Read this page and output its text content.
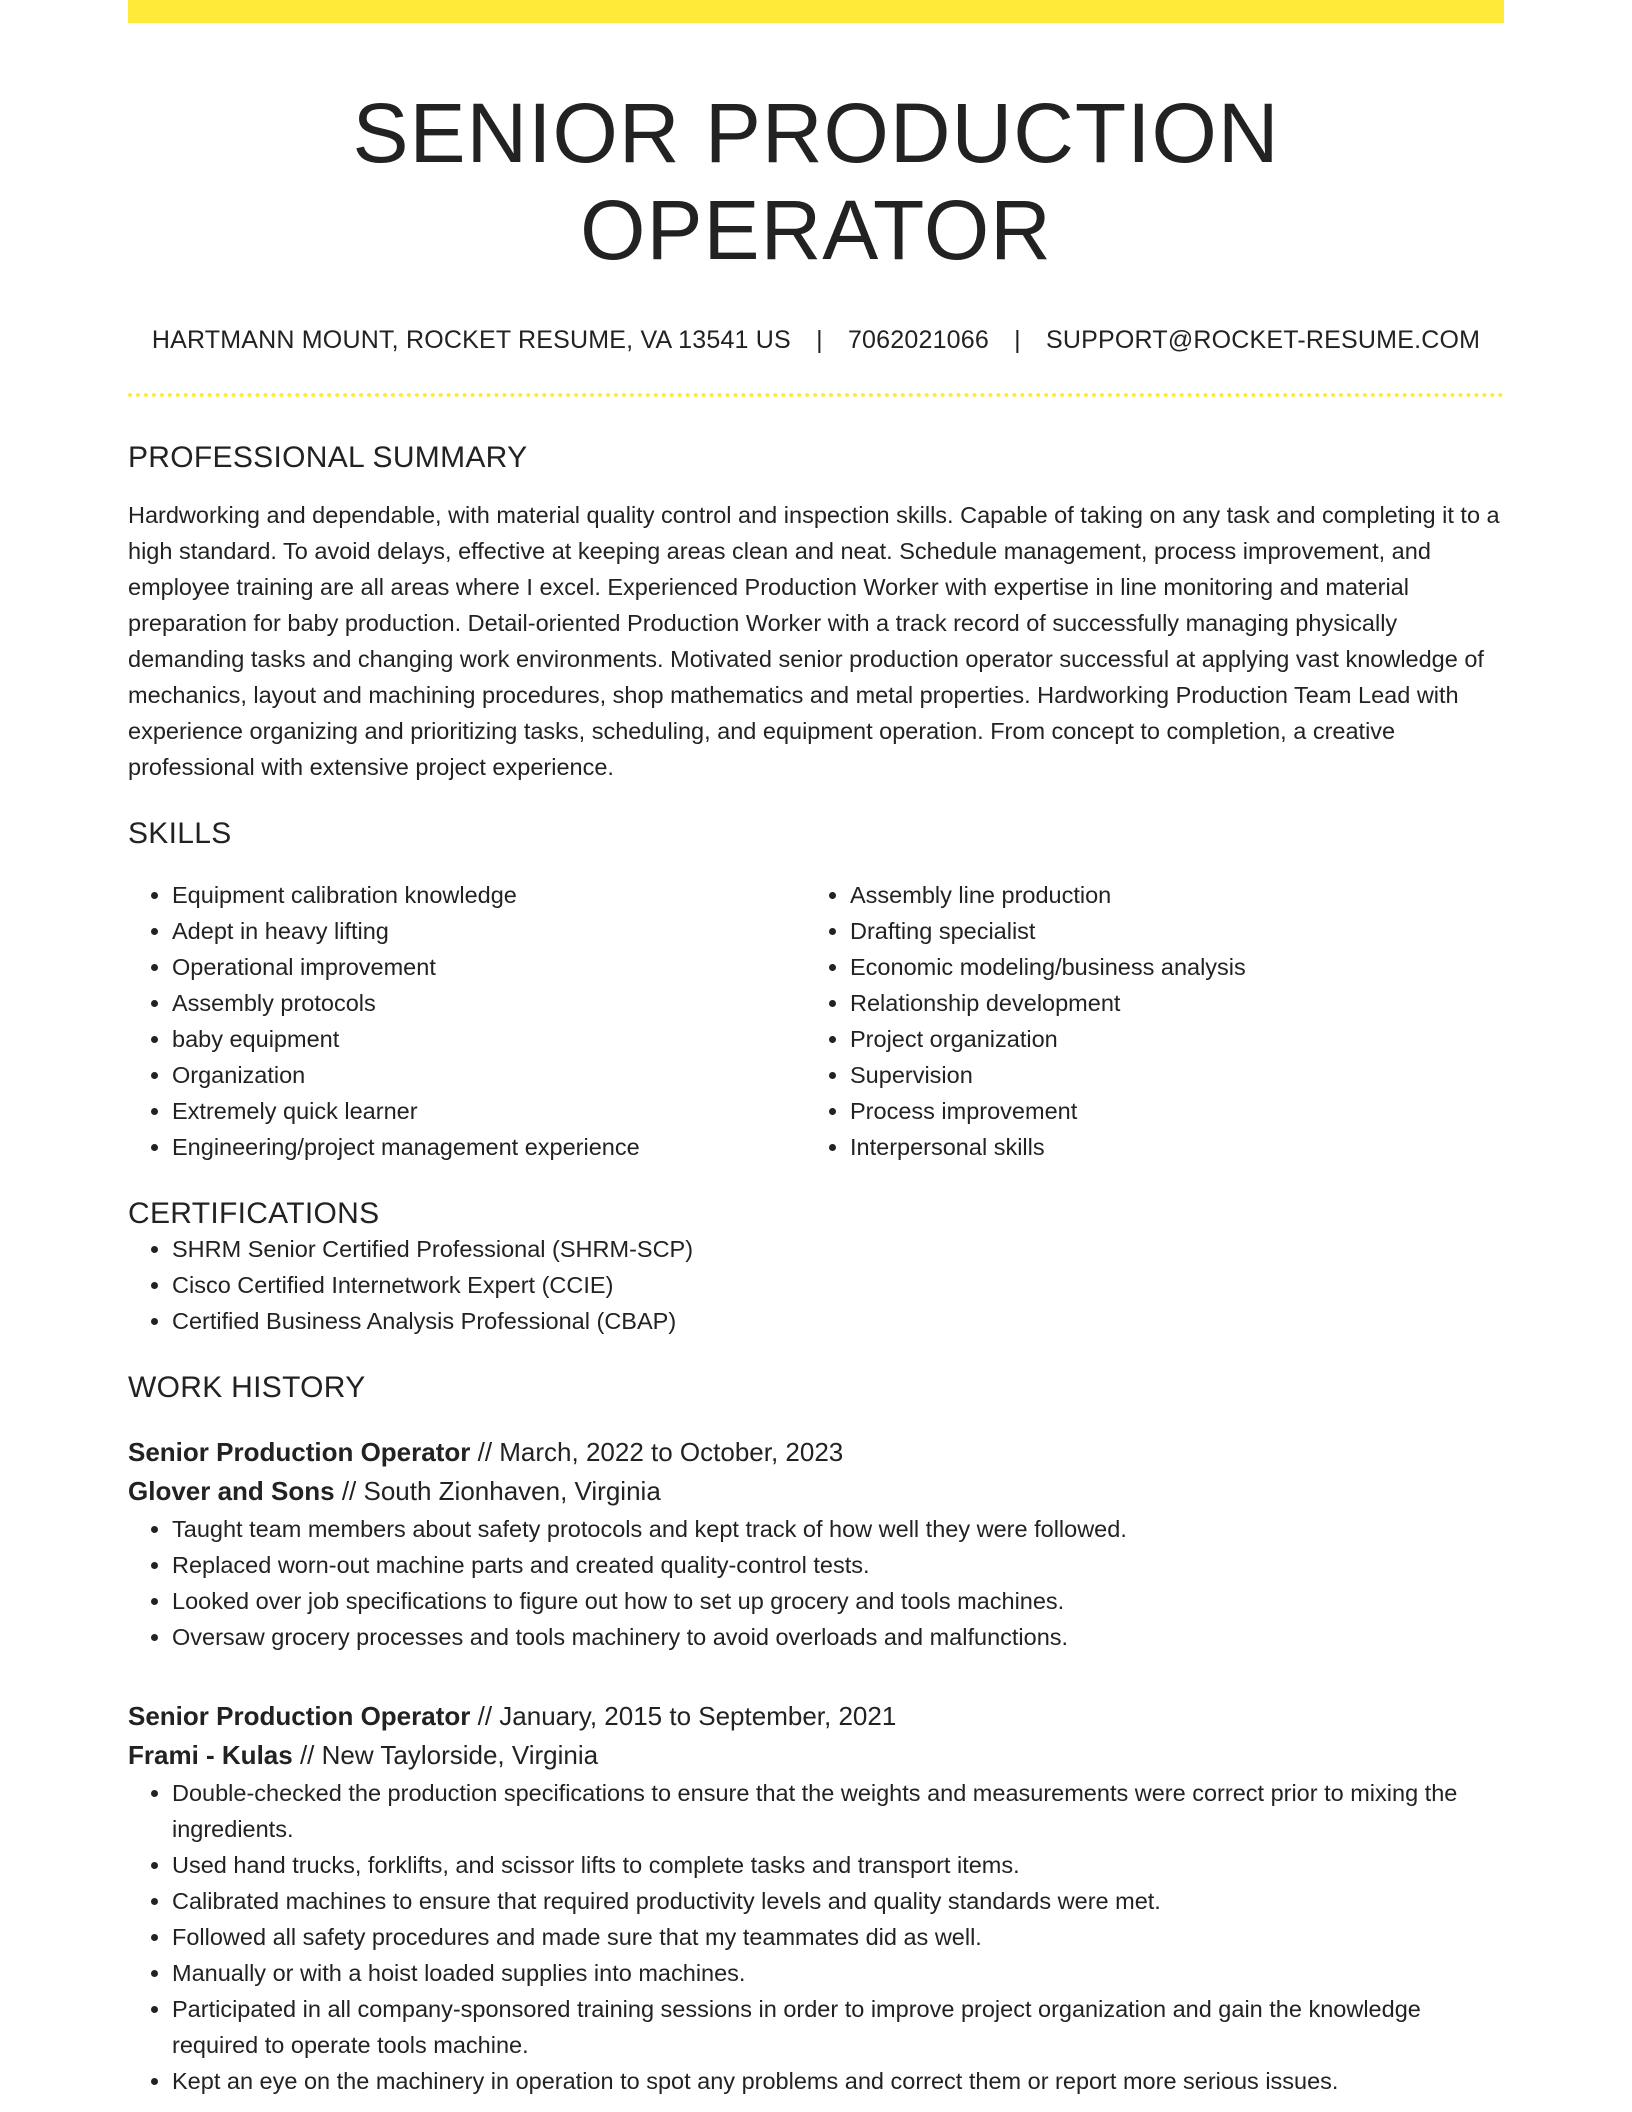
SENIOR PRODUCTION OPERATOR
HARTMANN MOUNT, ROCKET RESUME, VA 13541 US | 7062021066 | SUPPORT@ROCKET-RESUME.COM
PROFESSIONAL SUMMARY

Hardworking and dependable, with material quality control and inspection skills. Capable of taking on any task and completing it to a high standard. To avoid delays, effective at keeping areas clean and neat. Schedule management, process improvement, and employee training are all areas where I excel. Experienced Production Worker with expertise in line monitoring and material preparation for baby production. Detail-oriented Production Worker with a track record of successfully managing physically demanding tasks and changing work environments. Motivated senior production operator successful at applying vast knowledge of mechanics, layout and machining procedures, shop mathematics and metal properties. Hardworking Production Team Lead with experience organizing and prioritizing tasks, scheduling, and equipment operation. From concept to completion, a creative professional with extensive project experience.

SKILLS
• Equipment calibration knowledge
• Adept in heavy lifting
• Operational improvement
• Assembly protocols
• baby equipment
• Organization
• Extremely quick learner
• Engineering/project management experience
• Assembly line production
• Drafting specialist
• Economic modeling/business analysis
• Relationship development
• Project organization
• Supervision
• Process improvement
• Interpersonal skills
CERTIFICATIONS
• SHRM Senior Certified Professional (SHRM-SCP)
• Cisco Certified Internetwork Expert (CCIE)
• Certified Business Analysis Professional (CBAP)
WORK HISTORY
Senior Production Operator // March, 2022 to October, 2023
Glover and Sons // South Zionhaven, Virginia
• Taught team members about safety protocols and kept track of how well they were followed.
• Replaced worn-out machine parts and created quality-control tests.
• Looked over job specifications to figure out how to set up grocery and tools machines.
• Oversaw grocery processes and tools machinery to avoid overloads and malfunctions.
Senior Production Operator // January, 2015 to September, 2021
Frami - Kulas // New Taylorside, Virginia
• Double-checked the production specifications to ensure that the weights and measurements were correct prior to mixing the ingredients.
• Used hand trucks, forklifts, and scissor lifts to complete tasks and transport items.
• Calibrated machines to ensure that required productivity levels and quality standards were met.
• Followed all safety procedures and made sure that my teammates did as well.
• Manually or with a hoist loaded supplies into machines.
• Participated in all company-sponsored training sessions in order to improve project organization and gain the knowledge required to operate tools machine.
• Kept an eye on the machinery in operation to spot any problems and correct them or report more serious issues.
